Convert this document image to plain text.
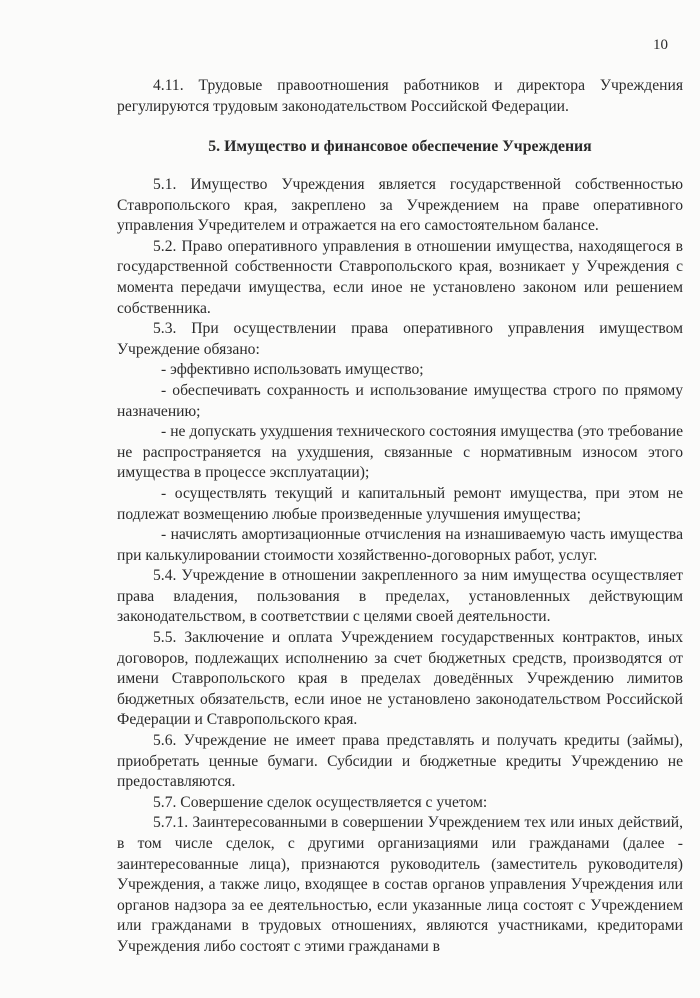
10

4.11. Трудовые правоотношения работников и директора Учреждения регулируются трудовым законодательством Российской Федерации.

5. Имущество и финансовое обеспечение Учреждения

5.1. Имущество Учреждения является государственной собственностью Ставропольского края, закреплено за Учреждением на праве оперативного управления Учредителем и отражается на его самостоятельном балансе.

5.2. Право оперативного управления в отношении имущества, находящегося в государственной собственности Ставропольского края, возникает у Учреждения с момента передачи имущества, если иное не установлено законом или решением собственника.

5.3. При осуществлении права оперативного управления имуществом Учреждение обязано:

- эффективно использовать имущество;

- обеспечивать сохранность и использование имущества строго по прямому назначению;

- не допускать ухудшения технического состояния имущества (это требование не распространяется на ухудшения, связанные с нормативным износом этого имущества в процессе эксплуатации);

- осуществлять текущий и капитальный ремонт имущества, при этом не подлежат возмещению любые произведенные улучшения имущества;

- начислять амортизационные отчисления на изнашиваемую часть имущества при калькулировании стоимости хозяйственно-договорных работ, услуг.

5.4. Учреждение в отношении закрепленного за ним имущества осуществляет права владения, пользования в пределах, установленных действующим законодательством, в соответствии с целями своей деятельности.

5.5. Заключение и оплата Учреждением государственных контрактов, иных договоров, подлежащих исполнению за счет бюджетных средств, производятся от имени Ставропольского края в пределах доведённых Учреждению лимитов бюджетных обязательств, если иное не установлено законодательством Российской Федерации и Ставропольского края.

5.6. Учреждение не имеет права представлять и получать кредиты (займы), приобретать ценные бумаги. Субсидии и бюджетные кредиты Учреждению не предоставляются.

5.7. Совершение сделок осуществляется с учетом:

5.7.1. Заинтересованными в совершении Учреждением тех или иных действий, в том числе сделок, с другими организациями или гражданами (далее - заинтересованные лица), признаются руководитель (заместитель руководителя) Учреждения, а также лицо, входящее в состав органов управления Учреждения или органов надзора за ее деятельностью, если указанные лица состоят с Учреждением или гражданами в трудовых отношениях, являются участниками, кредиторами Учреждения либо состоят с этими гражданами в
